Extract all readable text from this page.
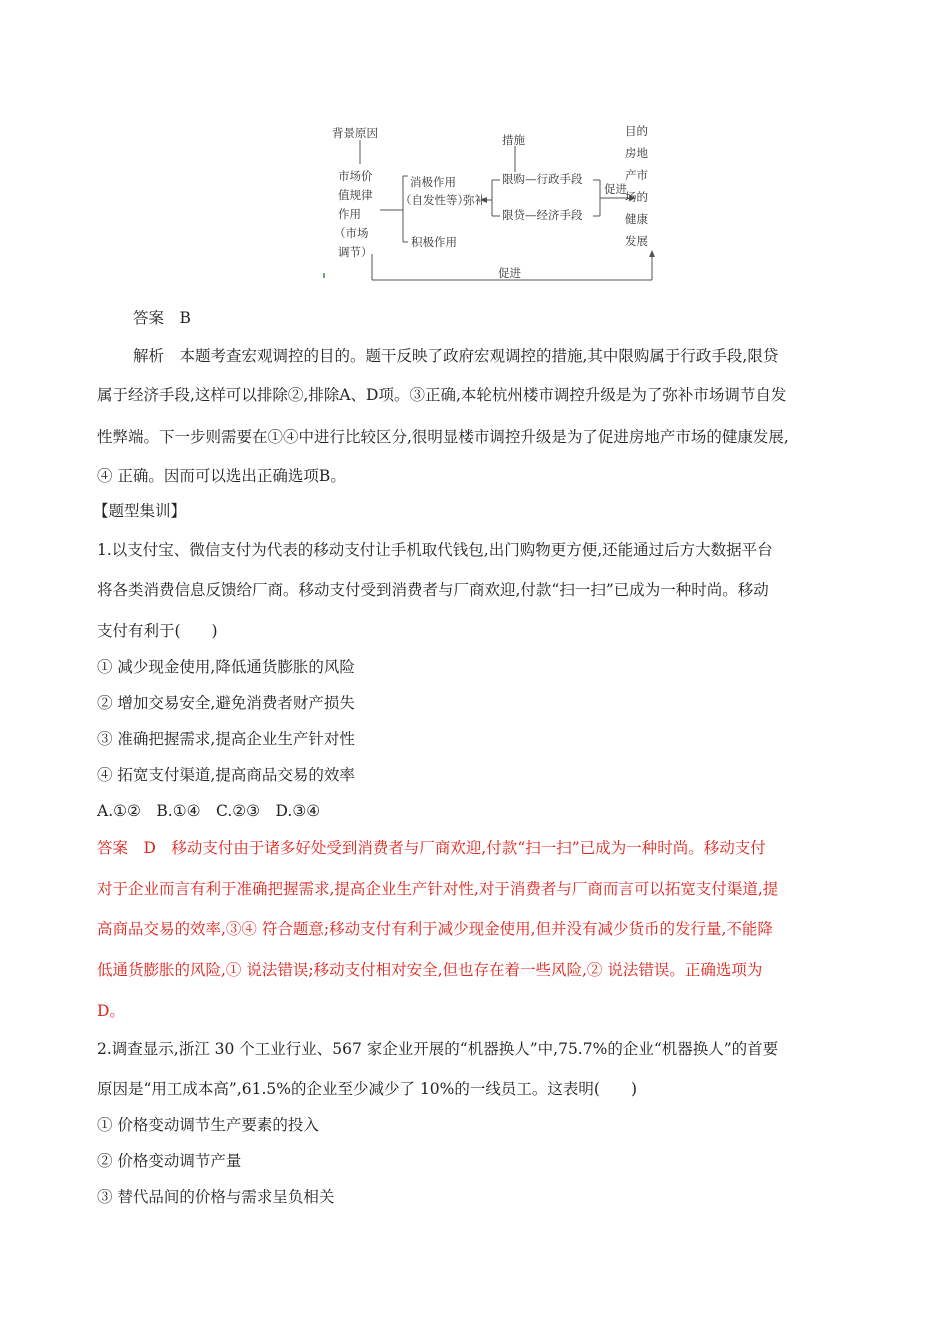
背景原因
市场价
值规律
作用
（市场
调节）
消极作用
（自发性等）
弥补
积极作用
措施
限购—行政手段
限贷—经济手段
促进
目的
房地
产市
场的
健康
发展
促进
答案　B
解析　本题考查宏观调控的目的。题干反映了政府宏观调控的措施,其中限购属于行政手段,限贷
属于经济手段,这样可以排除②,排除A、D项。③正确,本轮杭州楼市调控升级是为了弥补市场调节自发
性弊端。下一步则需要在①④中进行比较区分,很明显楼市调控升级是为了促进房地产市场的健康发展,
④ 正确。因而可以选出正确选项B。
【题型集训】
1.以支付宝、微信支付为代表的移动支付让手机取代钱包,出门购物更方便,还能通过后方大数据平台
将各类消费信息反馈给厂商。移动支付受到消费者与厂商欢迎,付款“扫一扫”已成为一种时尚。移动
支付有利于(　　)
① 减少现金使用,降低通货膨胀的风险
② 增加交易安全,避免消费者财产损失
③ 准确把握需求,提高企业生产针对性
④ 拓宽支付渠道,提高商品交易的效率
A.①②　B.①④　C.②③　D.③④
答案　D　移动支付由于诸多好处受到消费者与厂商欢迎,付款“扫一扫”已成为一种时尚。移动支付
对于企业而言有利于准确把握需求,提高企业生产针对性,对于消费者与厂商而言可以拓宽支付渠道,提
高商品交易的效率,③④ 符合题意;移动支付有利于减少现金使用,但并没有减少货币的发行量,不能降
低通货膨胀的风险,① 说法错误;移动支付相对安全,但也存在着一些风险,② 说法错误。正确选项为
D。
2.调查显示,浙江 30 个工业行业、567 家企业开展的“机器换人”中,75.7%的企业“机器换人”的首要
原因是“用工成本高”,61.5%的企业至少减少了 10%的一线员工。这表明(　　)
① 价格变动调节生产要素的投入
② 价格变动调节产量
③ 替代品间的价格与需求呈负相关
